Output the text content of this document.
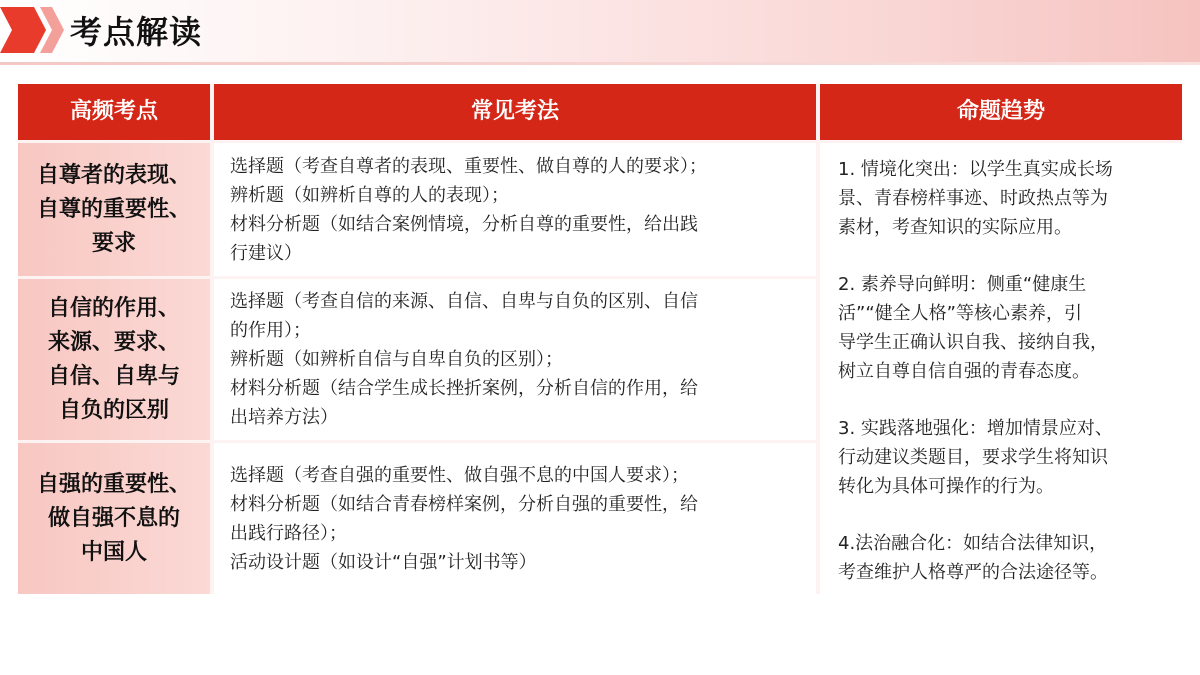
考点解读
高频考点	常见考法	命题趋势
自尊者的表现、
自尊的重要性、
要求
选择题（考查自尊者的表现、重要性、做自尊的人的要求）；
辨析题（如辨析自尊的人的表现）；
材料分析题（如结合案例情境，分析自尊的重要性，给出践
行建议）
自信的作用、
来源、要求、
自信、自卑与
自负的区别
选择题（考查自信的来源、自信、自卑与自负的区别、自信
的作用）；
辨析题（如辨析自信与自卑自负的区别）；
材料分析题（结合学生成长挫折案例，分析自信的作用，给
出培养方法）
自强的重要性、
做自强不息的
中国人
选择题（考查自强的重要性、做自强不息的中国人要求）；
材料分析题（如结合青春榜样案例，分析自强的重要性，给
出践行路径）；
活动设计题（如设计“自强”计划书等）
1. 情境化突出：以学生真实成长场
景、青春榜样事迹、时政热点等为
素材，考查知识的实际应用。
2. 素养导向鲜明：侧重“健康生
活”“健全人格”等核心素养，引
导学生正确认识自我、接纳自我，
树立自尊自信自强的青春态度。
3. 实践落地强化：增加情景应对、
行动建议类题目，要求学生将知识
转化为具体可操作的行为。
4.法治融合化：如结合法律知识，
考查维护人格尊严的合法途径等。
